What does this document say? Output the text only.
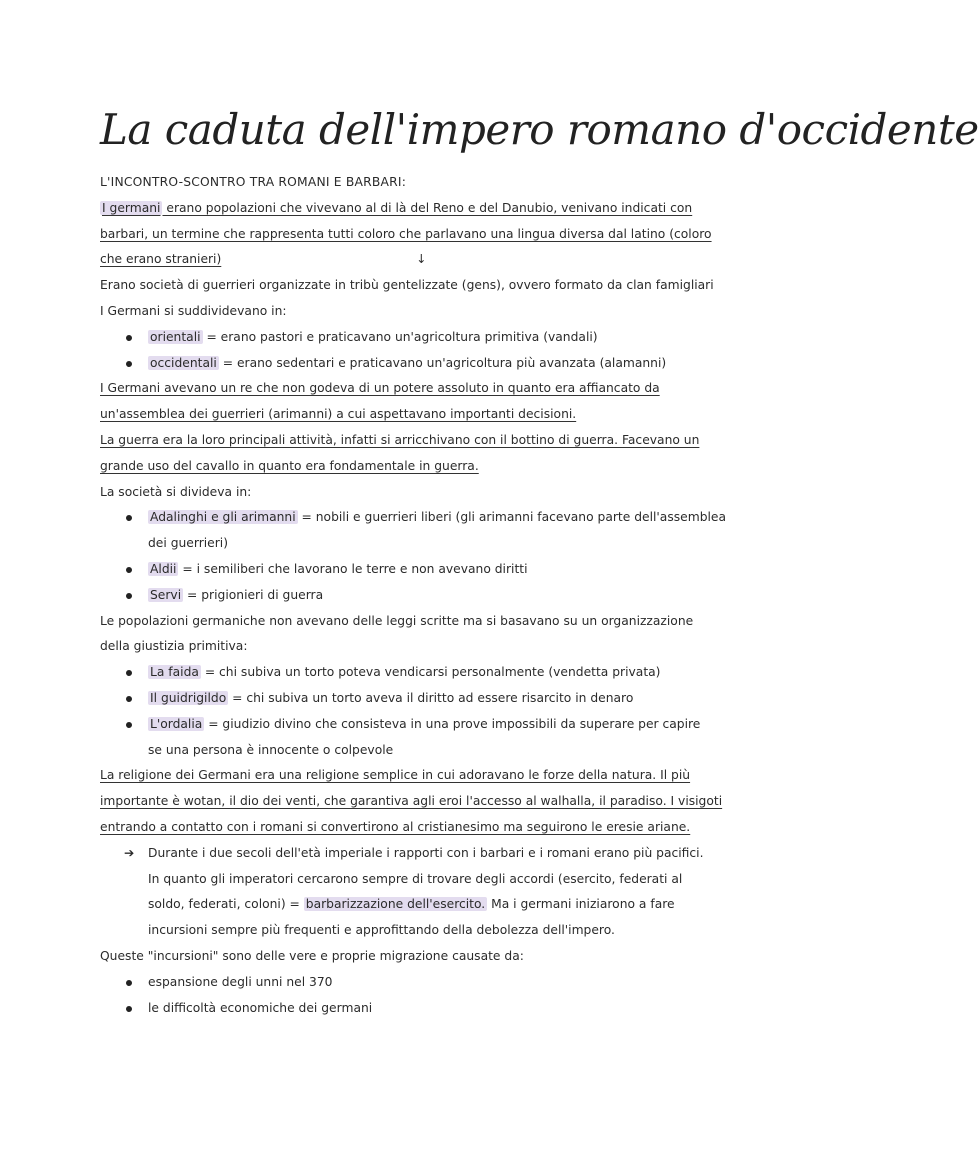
La caduta dell'impero romano d'occidente
L'INCONTRO-SCONTRO TRA ROMANI E BARBARI:
I germani erano popolazioni che vivevano al di là del Reno e del Danubio, venivano indicati con
barbari, un termine che rappresenta tutti coloro che parlavano una lingua diversa dal latino (coloro
che erano stranieri)	↓
Erano società di guerrieri organizzate in tribù gentelizzate (gens), ovvero formato da clan famigliari
I Germani si suddividevano in:
orientali = erano pastori e praticavano un'agricoltura primitiva (vandali)
occidentali = erano sedentari e praticavano un'agricoltura più avanzata (alamanni)
I Germani avevano un re che non godeva di un potere assoluto in quanto era affiancato da
un'assemblea dei guerrieri (arimanni) a cui aspettavano importanti decisioni.
La guerra era la loro principali attività, infatti si arricchivano con il bottino di guerra. Facevano un
grande uso del cavallo in quanto era fondamentale in guerra.
La società si divideva in:
Adalinghi e gli arimanni = nobili e guerrieri liberi (gli arimanni facevano parte dell'assemblea
dei guerrieri)
Aldii = i semiliberi che lavorano le terre e non avevano diritti
Servi = prigionieri di guerra
Le popolazioni germaniche non avevano delle leggi scritte ma si basavano su un organizzazione
della giustizia primitiva:
La faida = chi subiva un torto poteva vendicarsi personalmente (vendetta privata)
Il guidrigildo = chi subiva un torto aveva il diritto ad essere risarcito in denaro
L'ordalia = giudizio divino che consisteva in una prove impossibili da superare per capire
se una persona è innocente o colpevole
La religione dei Germani era una religione semplice in cui adoravano le forze della natura. Il più
importante è wotan, il dio dei venti, che garantiva agli eroi l'accesso al walhalla, il paradiso. I visigoti
entrando a contatto con i romani si convertirono al cristianesimo ma seguirono le eresie ariane.
➔ Durante i due secoli dell'età imperiale i rapporti con i barbari e i romani erano più pacifici.
In quanto gli imperatori cercarono sempre di trovare degli accordi (esercito, federati al
soldo, federati, coloni) = barbarizzazione dell'esercito. Ma i germani iniziarono a fare
incursioni sempre più frequenti e approfittando della debolezza dell'impero.
Queste "incursioni" sono delle vere e proprie migrazione causate da:
espansione degli unni nel 370
le difficoltà economiche dei germani
